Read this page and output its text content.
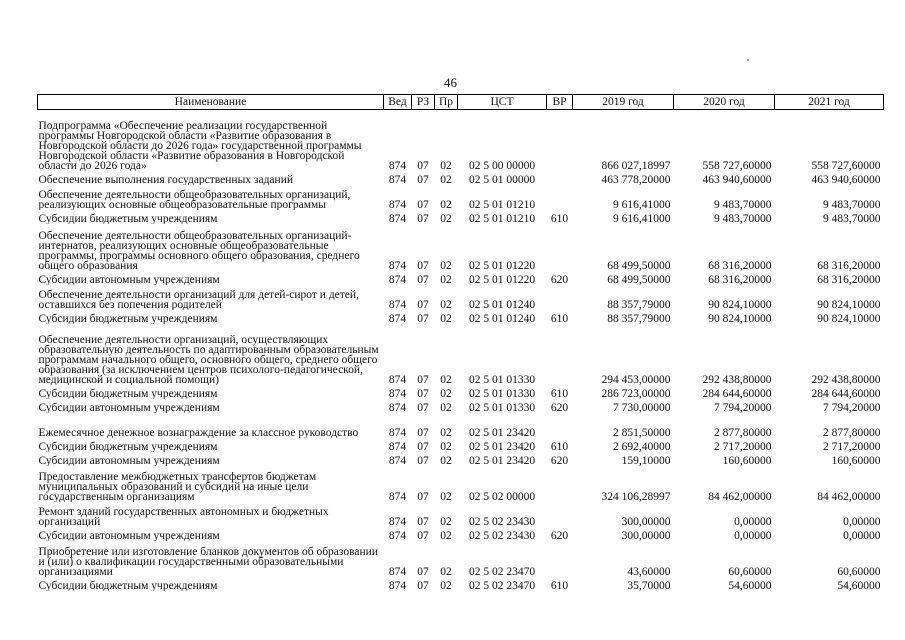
46
Наименование	Вед	РЗ	Пр	ЦСТ	ВР	2019 год	2020 год	2021 год
Подпрограмма «Обеспечение реализации государственной программы Новгородской области «Развитие образования в Новгородской области до 2026 года» государственной программы Новгородской области «Развитие образования в Новгородской области до 2026 года»	874	07	02	02 5 00 00000		866 027,18997	558 727,60000	558 727,60000
Обеспечение выполнения государственных заданий	874	07	02	02 5 01 00000		463 778,20000	463 940,60000	463 940,60000
Обеспечение деятельности общеобразовательных организаций, реализующих основные общеобразовательные программы	874	07	02	02 5 01 01210		9 616,41000	9 483,70000	9 483,70000
Субсидии бюджетным учреждениям	874	07	02	02 5 01 01210	610	9 616,41000	9 483,70000	9 483,70000
Обеспечение деятельности общеобразовательных организаций-интернатов, реализующих основные общеобразовательные программы, программы основного общего образования, среднего общего образования	874	07	02	02 5 01 01220		68 499,50000	68 316,20000	68 316,20000
Субсидии автономным учреждениям	874	07	02	02 5 01 01220	620	68 499,50000	68 316,20000	68 316,20000
Обеспечение деятельности организаций для детей-сирот и детей, оставшихся без попечения родителей	874	07	02	02 5 01 01240		88 357,79000	90 824,10000	90 824,10000
Субсидии бюджетным учреждениям	874	07	02	02 5 01 01240	610	88 357,79000	90 824,10000	90 824,10000
Обеспечение деятельности организаций, осуществляющих образовательную деятельность по адаптированным образовательным программам начального общего, основного общего, среднего общего образования (за исключением центров психолого-педагогической, медицинской и социальной помощи)	874	07	02	02 5 01 01330		294 453,00000	292 438,80000	292 438,80000
Субсидии бюджетным учреждениям	874	07	02	02 5 01 01330	610	286 723,00000	284 644,60000	284 644,60000
Субсидии автономным учреждениям	874	07	02	02 5 01 01330	620	7 730,00000	7 794,20000	7 794,20000
Ежемесячное денежное вознаграждение за классное руководство	874	07	02	02 5 01 23420		2 851,50000	2 877,80000	2 877,80000
Субсидии бюджетным учреждениям	874	07	02	02 5 01 23420	610	2 692,40000	2 717,20000	2 717,20000
Субсидии автономным учреждениям	874	07	02	02 5 01 23420	620	159,10000	160,60000	160,60000
Предоставление межбюджетных трансфертов бюджетам муниципальных образований и субсидий на иные цели государственным организациям	874	07	02	02 5 02 00000		324 106,28997	84 462,00000	84 462,00000
Ремонт зданий государственных автономных и бюджетных организаций	874	07	02	02 5 02 23430		300,00000	0,00000	0,00000
Субсидии автономным учреждениям	874	07	02	02 5 02 23430	620	300,00000	0,00000	0,00000
Приобретение или изготовление бланков документов об образовании и (или) о квалификации государственными образовательными организациями	874	07	02	02 5 02 23470		43,60000	60,60000	60,60000
Субсидии бюджетным учреждениям	874	07	02	02 5 02 23470	610	35,70000	54,60000	54,60000
